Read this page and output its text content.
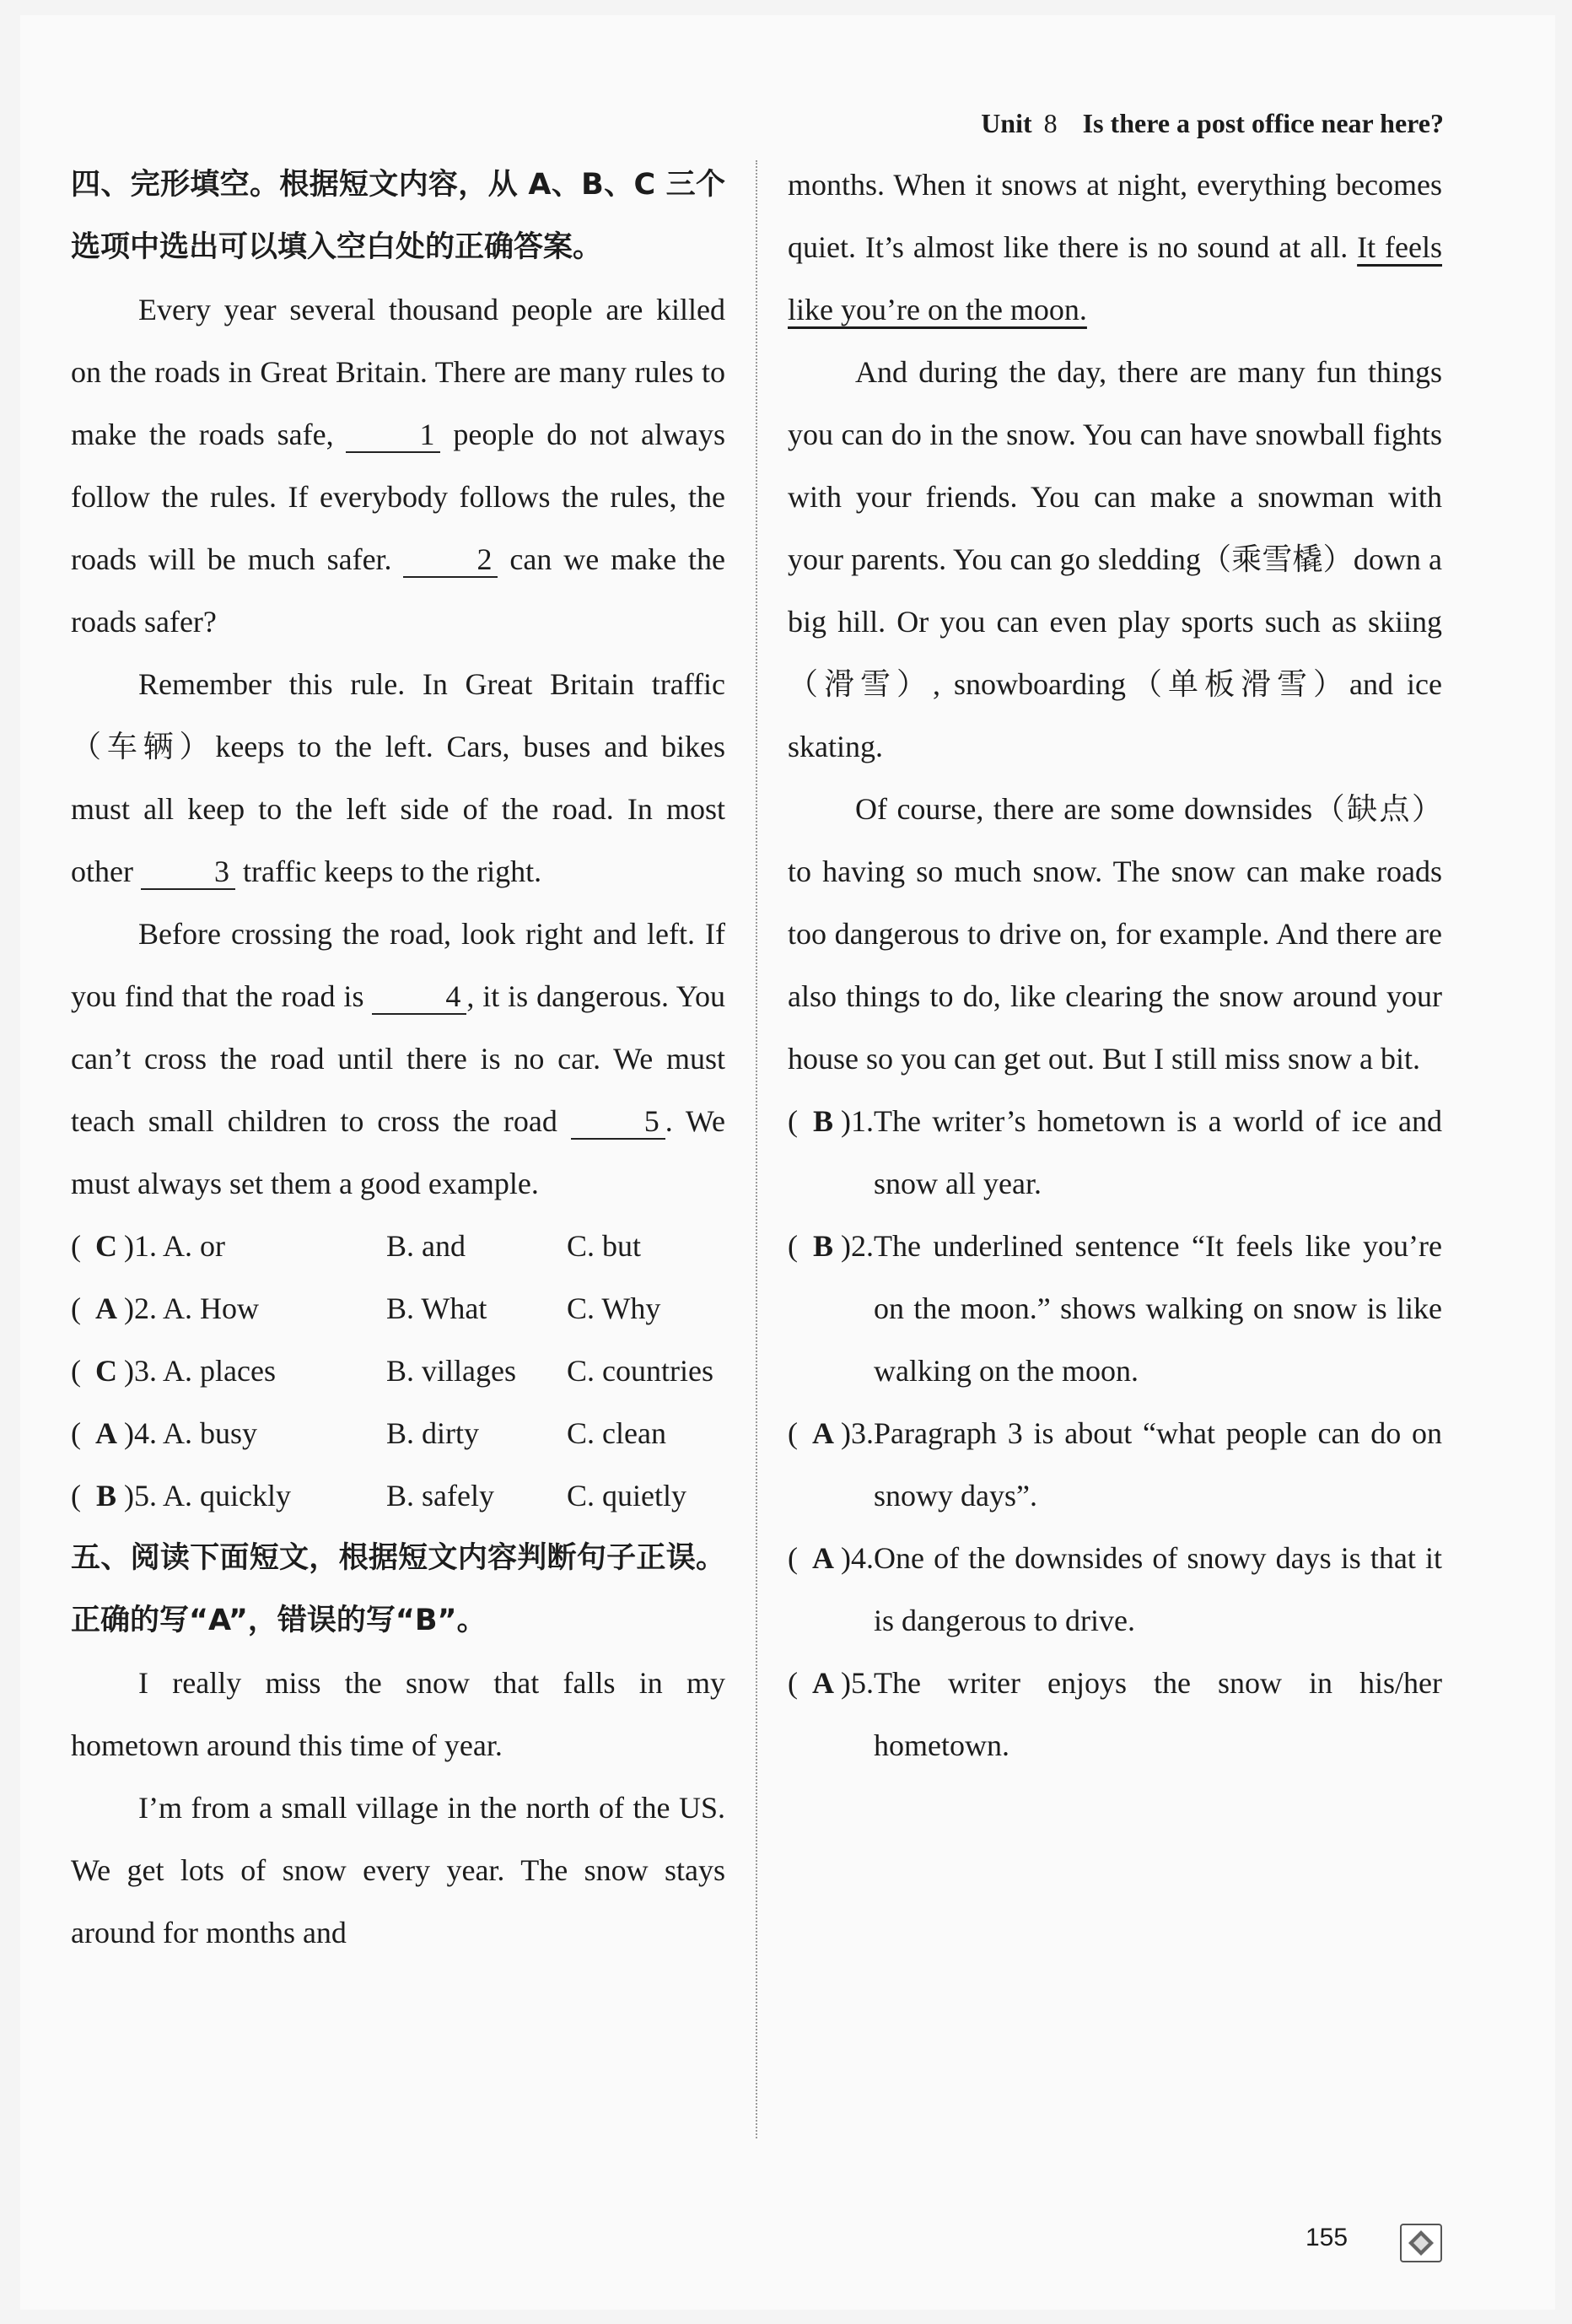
Unit 8 Is there a post office near here?
四、完形填空。根据短文内容，从 A、B、C 三个选项中选出可以填入空白处的正确答案。

Every year several thousand people are killed on the roads in Great Britain. There are many rules to make the roads safe, 1 people do not always follow the rules. If everybody follows the rules, the roads will be much safer. 2 can we make the roads safer?

Remember this rule. In Great Britain traffic（车辆）keeps to the left. Cars, buses and bikes must all keep to the left side of the road. In most other 3 traffic keeps to the right.

Before crossing the road, look right and left. If you find that the road is 4 , it is dangerous. You can’t cross the road until there is no car. We must teach small children to cross the road 5 . We must always set them a good example.

( C )1. A. or	B. and	C. but
( A )2. A. How	B. What	C. Why
( C )3. A. places	B. villages	C. countries
( A )4. A. busy	B. dirty	C. clean
( B )5. A. quickly	B. safely	C. quietly
五、阅读下面短文，根据短文内容判断句子正误。正确的写“A”，错误的写“B”。

I really miss the snow that falls in my hometown around this time of year.

I’m from a small village in the north of the US. We get lots of snow every year. The snow stays around for months and

months. When it snows at night, everything becomes quiet. It’s almost like there is no sound at all. It feels like you’re on the moon.

And during the day, there are many fun things you can do in the snow. You can have snowball fights with your friends. You can make a snowman with your parents. You can go sledding（乘雪橇）down a big hill. Or you can even play sports such as skiing（滑雪）, snowboarding（单板滑雪）and ice skating.

Of course, there are some downsides（缺点）to having so much snow. The snow can make roads too dangerous to drive on, for example. And there are also things to do, like clearing the snow around your house so you can get out. But I still miss snow a bit.

( B )1. The writer’s hometown is a world of ice and snow all year.
( B )2. The underlined sentence “It feels like you’re on the moon.” shows walking on snow is like walking on the moon.
( A )3. Paragraph 3 is about “what people can do on snowy days”.
( A )4. One of the downsides of snowy days is that it is dangerous to drive.
( A )5. The writer enjoys the snow in his/her hometown.
155
